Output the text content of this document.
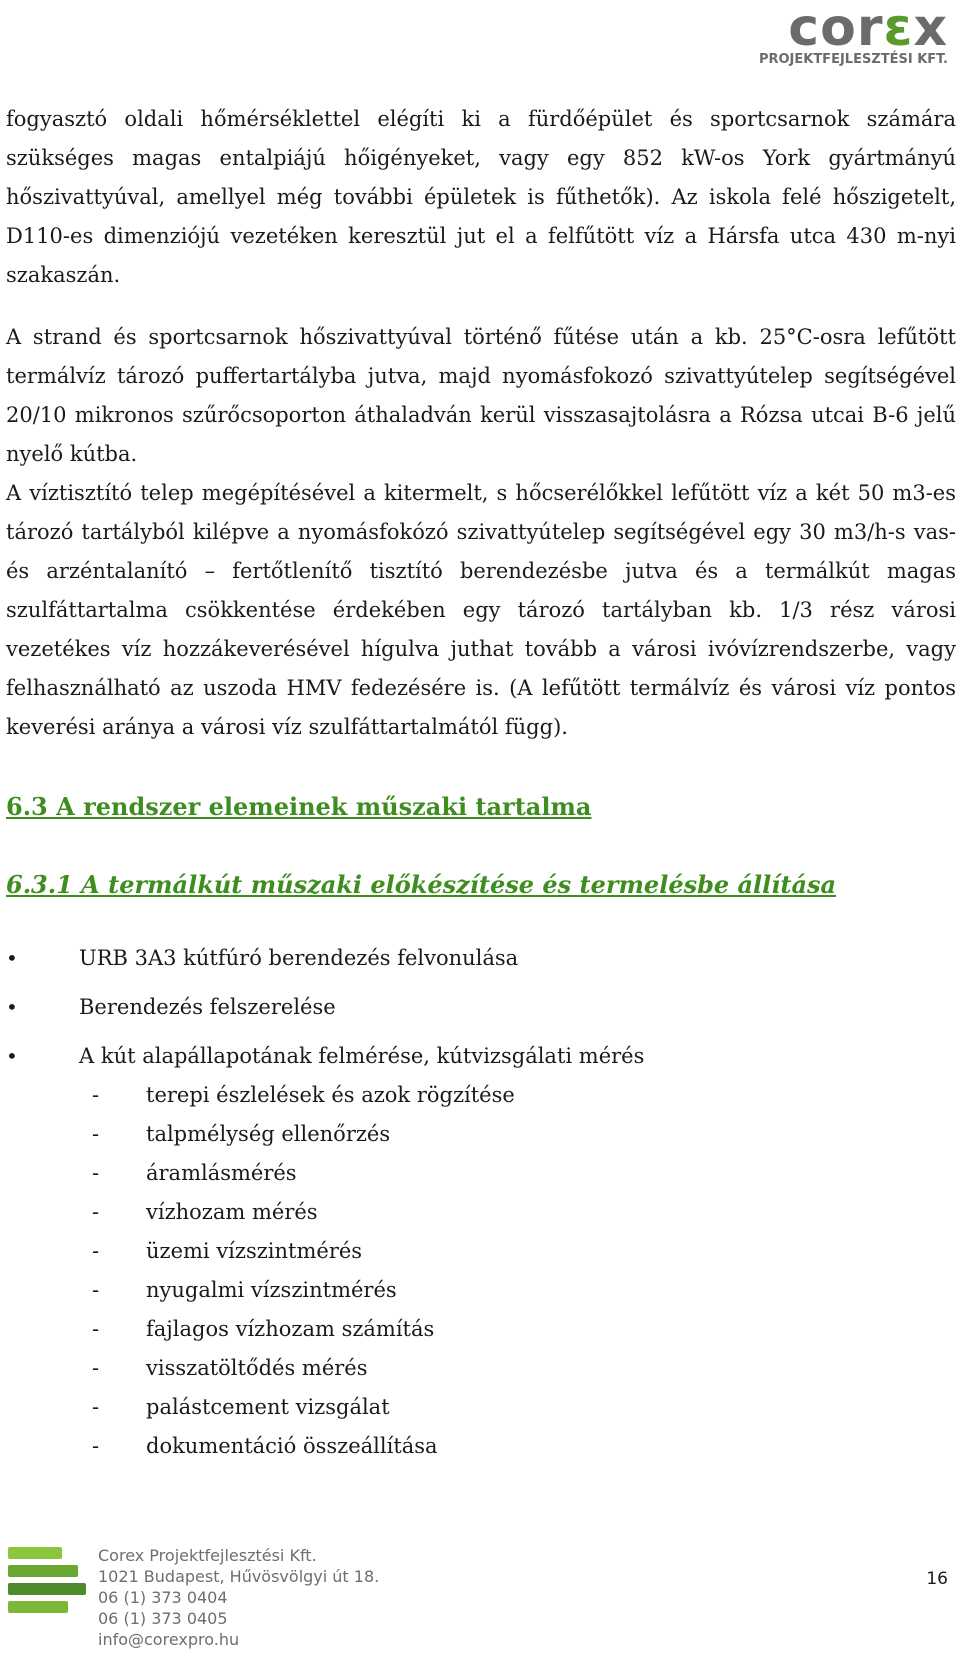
corεx
PROJEKTFEJLESZTÉSI KFT.

fogyasztó oldali hőmérséklettel elégíti ki a fürdőépület és sportcsarnok számára szükséges magas entalpiájú hőigényeket, vagy egy 852 kW-os York gyártmányú hőszivattyúval, amellyel még további épületek is fűthetők). Az iskola felé hőszigetelt, D110-es dimenziójú vezetéken keresztül jut el a felfűtött víz a Hársfa utca 430 m-nyi szakaszán.

A strand és sportcsarnok hőszivattyúval történő fűtése után a kb. 25°C-osra lefűtött termálvíz tározó puffertartályba jutva, majd nyomásfokozó szivattyútelep segítségével 20/10 mikronos szűrőcsoporton áthaladván kerül visszasajtolásra a Rózsa utcai B-6 jelű nyelő kútba.

A víztisztító telep megépítésével a kitermelt, s hőcserélőkkel lefűtött víz a két 50 m3-es tározó tartályból kilépve a nyomásfokózó szivattyútelep segítségével egy 30 m3/h-s vas- és arzéntalanító – fertőtlenítő tisztító berendezésbe jutva és a termálkút magas szulfáttartalma csökkentése érdekében egy tározó tartályban kb. 1/3 rész városi vezetékes víz hozzákeverésével hígulva juthat tovább a városi ivóvízrendszerbe, vagy felhasználható az uszoda HMV fedezésére is. (A lefűtött termálvíz és városi víz pontos keverési aránya a városi víz szulfáttartalmától függ).

6.3 A rendszer elemeinek műszaki tartalma
6.3.1 A termálkút műszaki előkészítése és termelésbe állítása
•	URB 3A3 kútfúró berendezés felvonulása
•	Berendezés felszerelése
•	A kút alapállapotának felmérése, kútvizsgálati mérés
- terepi észlelések és azok rögzítése
- talpmélység ellenőrzés
- áramlásmérés
- vízhozam mérés
- üzemi vízszintmérés
- nyugalmi vízszintmérés
- fajlagos vízhozam számítás
- visszatöltődés mérés
- palástcement vizsgálat
- dokumentáció összeállítása
Corex Projektfejlesztési Kft.
1021 Budapest, Hűvösvölgyi út 18.
06 (1) 373 0404
06 (1) 373 0405
info@corexpro.hu
16
